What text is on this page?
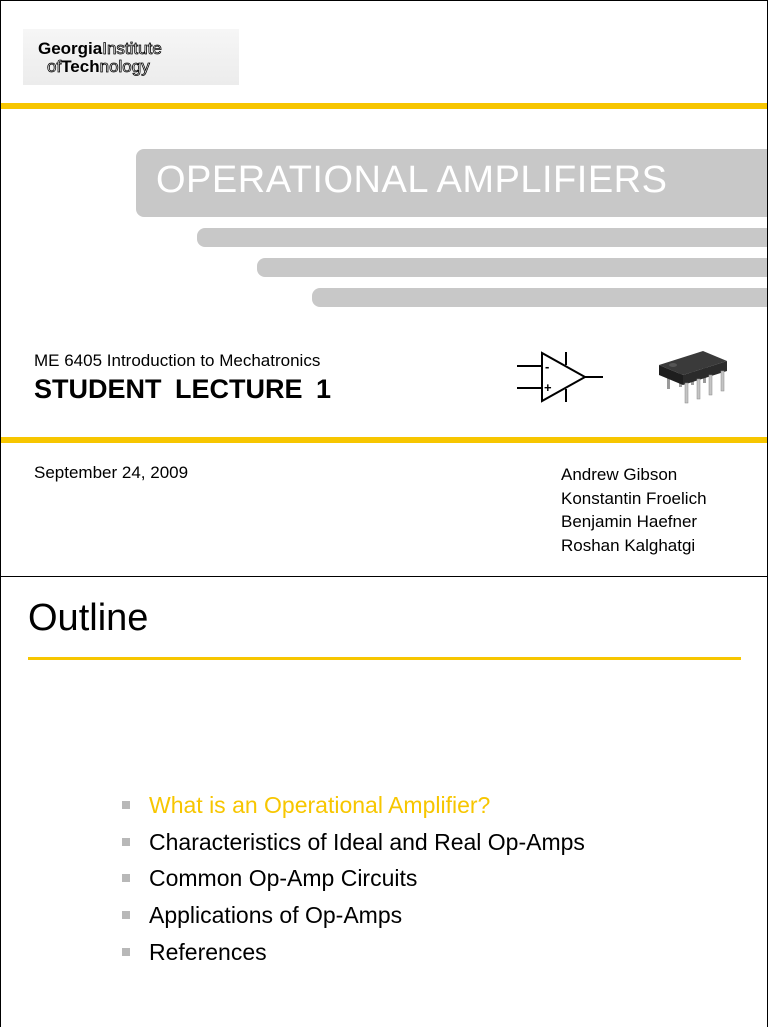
GeorgiaInstitute
ofTechnology
OPERATIONAL AMPLIFIERS
ME 6405 Introduction to Mechatronics
STUDENT LECTURE 1
-
+
September 24, 2009	Andrew Gibson
Konstantin Froelich
Benjamin Haefner
Roshan Kalghatgi
Outline
What is an Operational Amplifier?
Characteristics of Ideal and Real Op-Amps
Common Op-Amp Circuits
Applications of Op-Amps
References
